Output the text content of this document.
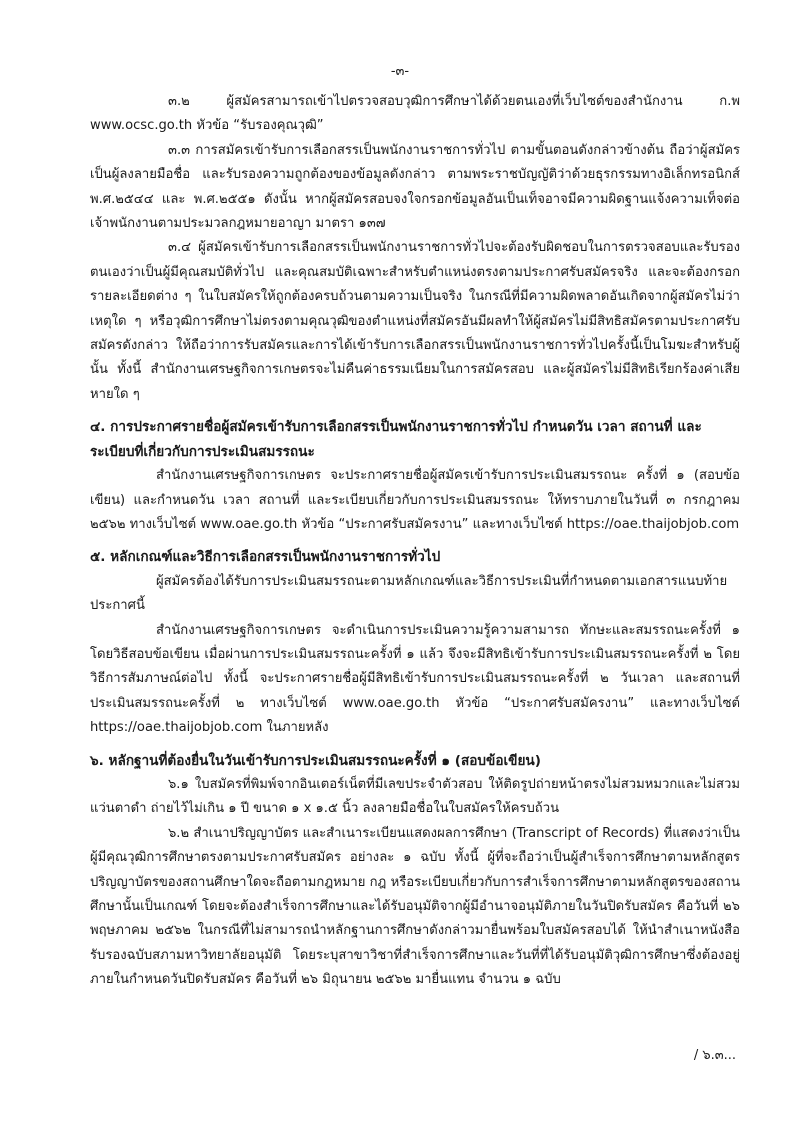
-๓-

๓.๒ ผู้สมัครสามารถเข้าไปตรวจสอบวุฒิการศึกษาได้ด้วยตนเองที่เว็บไซต์ของสำนักงาน ก.พ www.ocsc.go.th หัวข้อ “รับรองคุณวุฒิ”

๓.๓ การสมัครเข้ารับการเลือกสรรเป็นพนักงานราชการทั่วไป ตามขั้นตอนดังกล่าวข้างต้น ถือว่าผู้สมัครเป็นผู้ลงลายมือชื่อ และรับรองความถูกต้องของข้อมูลดังกล่าว ตามพระราชบัญญัติว่าด้วยธุรกรรมทางอิเล็กทรอนิกส์ พ.ศ.๒๕๔๔ และ พ.ศ.๒๕๕๑ ดังนั้น หากผู้สมัครสอบจงใจกรอกข้อมูลอันเป็นเท็จอาจมีความผิดฐานแจ้งความเท็จต่อเจ้าพนักงานตามประมวลกฎหมายอาญา มาตรา ๑๓๗

๓.๔ ผู้สมัครเข้ารับการเลือกสรรเป็นพนักงานราชการทั่วไปจะต้องรับผิดชอบในการตรวจสอบและรับรองตนเองว่าเป็นผู้มีคุณสมบัติทั่วไป และคุณสมบัติเฉพาะสำหรับตำแหน่งตรงตามประกาศรับสมัครจริง และจะต้องกรอกรายละเอียดต่าง ๆ ในใบสมัครให้ถูกต้องครบถ้วนตามความเป็นจริง ในกรณีที่มีความผิดพลาดอันเกิดจากผู้สมัครไม่ว่าเหตุใด ๆ หรือวุฒิการศึกษาไม่ตรงตามคุณวุฒิของตำแหน่งที่สมัครอันมีผลทำให้ผู้สมัครไม่มีสิทธิสมัครตามประกาศรับสมัครดังกล่าว ให้ถือว่าการรับสมัครและการได้เข้ารับการเลือกสรรเป็นพนักงานราชการทั่วไปครั้งนี้เป็นโมฆะสำหรับผู้นั้น ทั้งนี้ สำนักงานเศรษฐกิจการเกษตรจะไม่คืนค่าธรรมเนียมในการสมัครสอบ และผู้สมัครไม่มีสิทธิเรียกร้องค่าเสียหายใด ๆ

๔. การประกาศรายชื่อผู้สมัครเข้ารับการเลือกสรรเป็นพนักงานราชการทั่วไป กำหนดวัน เวลา สถานที่ และระเบียบที่เกี่ยวกับการประเมินสมรรถนะ

สำนักงานเศรษฐกิจการเกษตร จะประกาศรายชื่อผู้สมัครเข้ารับการประเมินสมรรถนะ ครั้งที่ ๑ (สอบข้อเขียน) และกำหนดวัน เวลา สถานที่ และระเบียบเกี่ยวกับการประเมินสมรรถนะ ให้ทราบภายในวันที่ ๓ กรกฎาคม ๒๕๖๒ ทางเว็บไซต์ www.oae.go.th หัวข้อ “ประกาศรับสมัครงาน” และทางเว็บไซต์ https://oae.thaijobjob.com

๕. หลักเกณฑ์และวิธีการเลือกสรรเป็นพนักงานราชการทั่วไป

ผู้สมัครต้องได้รับการประเมินสมรรถนะตามหลักเกณฑ์และวิธีการประเมินที่กำหนดตามเอกสารแนบท้ายประกาศนี้

สำนักงานเศรษฐกิจการเกษตร จะดำเนินการประเมินความรู้ความสามารถ ทักษะและสมรรถนะครั้งที่ ๑ โดยวิธีสอบข้อเขียน เมื่อผ่านการประเมินสมรรถนะครั้งที่ ๑ แล้ว จึงจะมีสิทธิเข้ารับการประเมินสมรรถนะครั้งที่ ๒ โดยวิธีการสัมภาษณ์ต่อไป ทั้งนี้ จะประกาศรายชื่อผู้มีสิทธิเข้ารับการประเมินสมรรถนะครั้งที่ ๒ วันเวลา และสถานที่ประเมินสมรรถนะครั้งที่ ๒ ทางเว็บไซต์ www.oae.go.th หัวข้อ “ประกาศรับสมัครงาน” และทางเว็บไซต์ https://oae.thaijobjob.com ในภายหลัง

๖. หลักฐานที่ต้องยื่นในวันเข้ารับการประเมินสมรรถนะครั้งที่ ๑ (สอบข้อเขียน)

๖.๑ ใบสมัครที่พิมพ์จากอินเตอร์เน็ตที่มีเลขประจำตัวสอบ ให้ติดรูปถ่ายหน้าตรงไม่สวมหมวกและไม่สวมแว่นตาดำ ถ่ายไว้ไม่เกิน ๑ ปี ขนาด ๑ x ๑.๕ นิ้ว ลงลายมือชื่อในใบสมัครให้ครบถ้วน

๖.๒ สำเนาปริญญาบัตร และสำเนาระเบียนแสดงผลการศึกษา (Transcript of Records) ที่แสดงว่าเป็นผู้มีคุณวุฒิการศึกษาตรงตามประกาศรับสมัคร อย่างละ ๑ ฉบับ ทั้งนี้ ผู้ที่จะถือว่าเป็นผู้สำเร็จการศึกษาตามหลักสูตรปริญญาบัตรของสถานศึกษาใดจะถือตามกฎหมาย กฎ หรือระเบียบเกี่ยวกับการสำเร็จการศึกษาตามหลักสูตรของสถานศึกษานั้นเป็นเกณฑ์ โดยจะต้องสำเร็จการศึกษาและได้รับอนุมัติจากผู้มีอำนาจอนุมัติภายในวันปิดรับสมัคร คือวันที่ ๒๖ พฤษภาคม ๒๕๖๒ ในกรณีที่ไม่สามารถนำหลักฐานการศึกษาดังกล่าวมายื่นพร้อมใบสมัครสอบได้ ให้นำสำเนาหนังสือรับรองฉบับสภามหาวิทยาลัยอนุมัติ โดยระบุสาขาวิชาที่สำเร็จการศึกษาและวันที่ที่ได้รับอนุมัติวุฒิการศึกษาซึ่งต้องอยู่ภายในกำหนดวันปิดรับสมัคร คือวันที่ ๒๖ มิถุนายน ๒๕๖๒ มายื่นแทน จำนวน ๑ ฉบับ

/ ๖.๓...
